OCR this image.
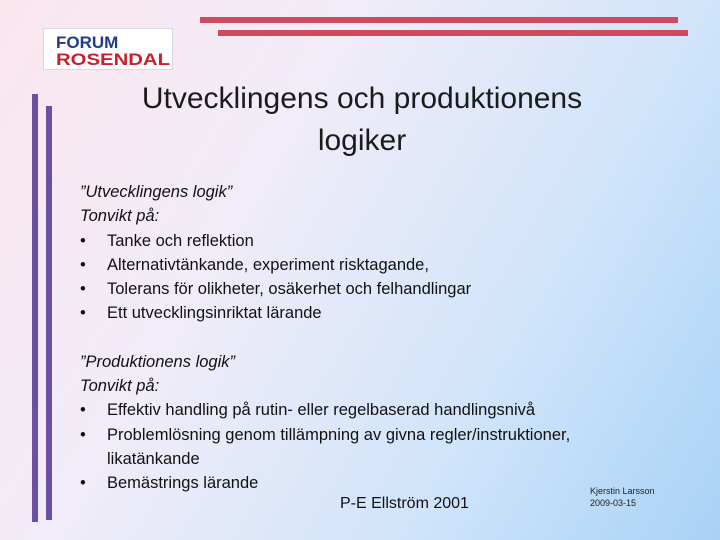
FORUM
ROSENDAL
Utvecklingens och produktionens
logiker
”Utvecklingens logik”
Tonvikt på:
• Tanke och reflektion
• Alternativtänkande, experiment risktagande,
• Tolerans för olikheter, osäkerhet och felhandlingar
• Ett utvecklingsinriktat lärande
”Produktionens logik”
Tonvikt på:
• Effektiv handling på rutin- eller regelbaserad handlingsnivå
• Problemlösning genom tillämpning av givna regler/instruktioner, likatänkande
• Bemästrings lärande
P-E Ellström 2001
Kjerstin Larsson
2009-03-15
